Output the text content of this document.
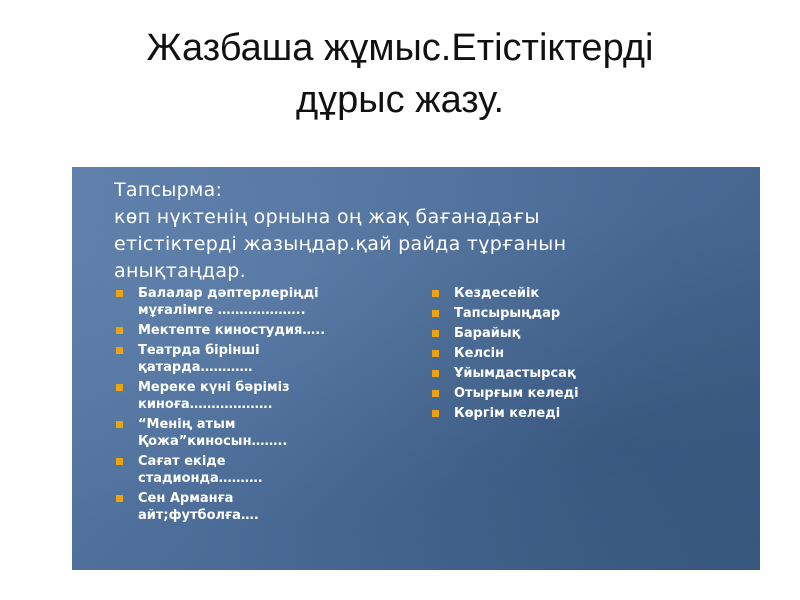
Жазбаша жұмыс.Етістіктерді
дұрыс жазу.
Тапсырма:
көп нүктенің орнына оң жақ бағанадағы
етістіктерді жазыңдар.қай райда тұрғанын
анықтаңдар.
Балалар дәптерлеріңді
мұғалімге ………………..
Мектепте киностудия…..
Театрда бірінші
қатарда…………
Мереке күні бәріміз
киноға……………….
“Менің атым
Қожа”киносын……..
Сағат екіде
стадионда……….
Сен Арманға
айт;футболға….
Кездесейік
Тапсырыңдар
Барайық
Келсін
Ұйымдастырсақ
Отырғым келеді
Көргім келеді
